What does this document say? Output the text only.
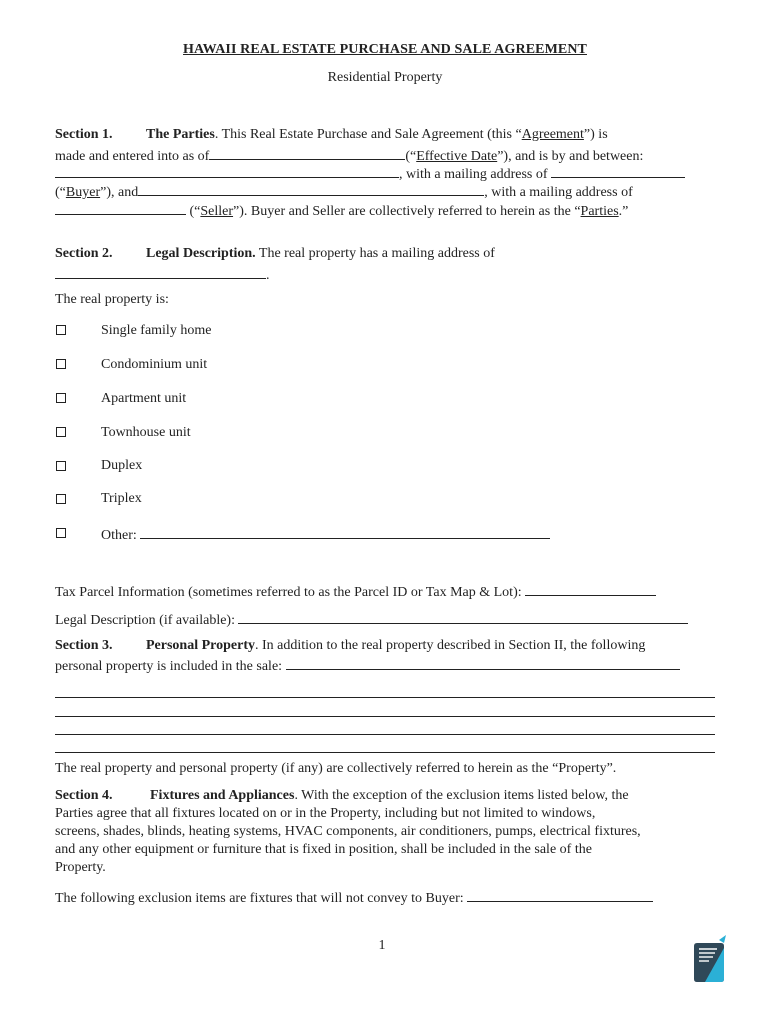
HAWAII REAL ESTATE PURCHASE AND SALE AGREEMENT
Residential Property
Section 1. The Parties. This Real Estate Purchase and Sale Agreement (this “Agreement”) is
made and entered into as of	(“Effective Date”), and is by and between:
, with a mailing address of
(“Buyer”), and	, with a mailing address of
(“Seller”). Buyer and Seller are collectively referred to herein as the “Parties.”
Section 2. Legal Description. The real property has a mailing address of
.
The real property is:
Single family home
Condominium unit
Apartment unit
Townhouse unit
Duplex
Triplex
Other:
Tax Parcel Information (sometimes referred to as the Parcel ID or Tax Map & Lot):
Legal Description (if available):
Section 3. Personal Property. In addition to the real property described in Section II, the following
personal property is included in the sale:
The real property and personal property (if any) are collectively referred to herein as the “Property”.
Section 4.	Fixtures and Appliances. With the exception of the exclusion items listed below, the
Parties agree that all fixtures located on or in the Property, including but not limited to windows,
screens, shades, blinds, heating systems, HVAC components, air conditioners, pumps, electrical fixtures,
and any other equipment or furniture that is fixed in position, shall be included in the sale of the
Property.
The following exclusion items are fixtures that will not convey to Buyer:
1
